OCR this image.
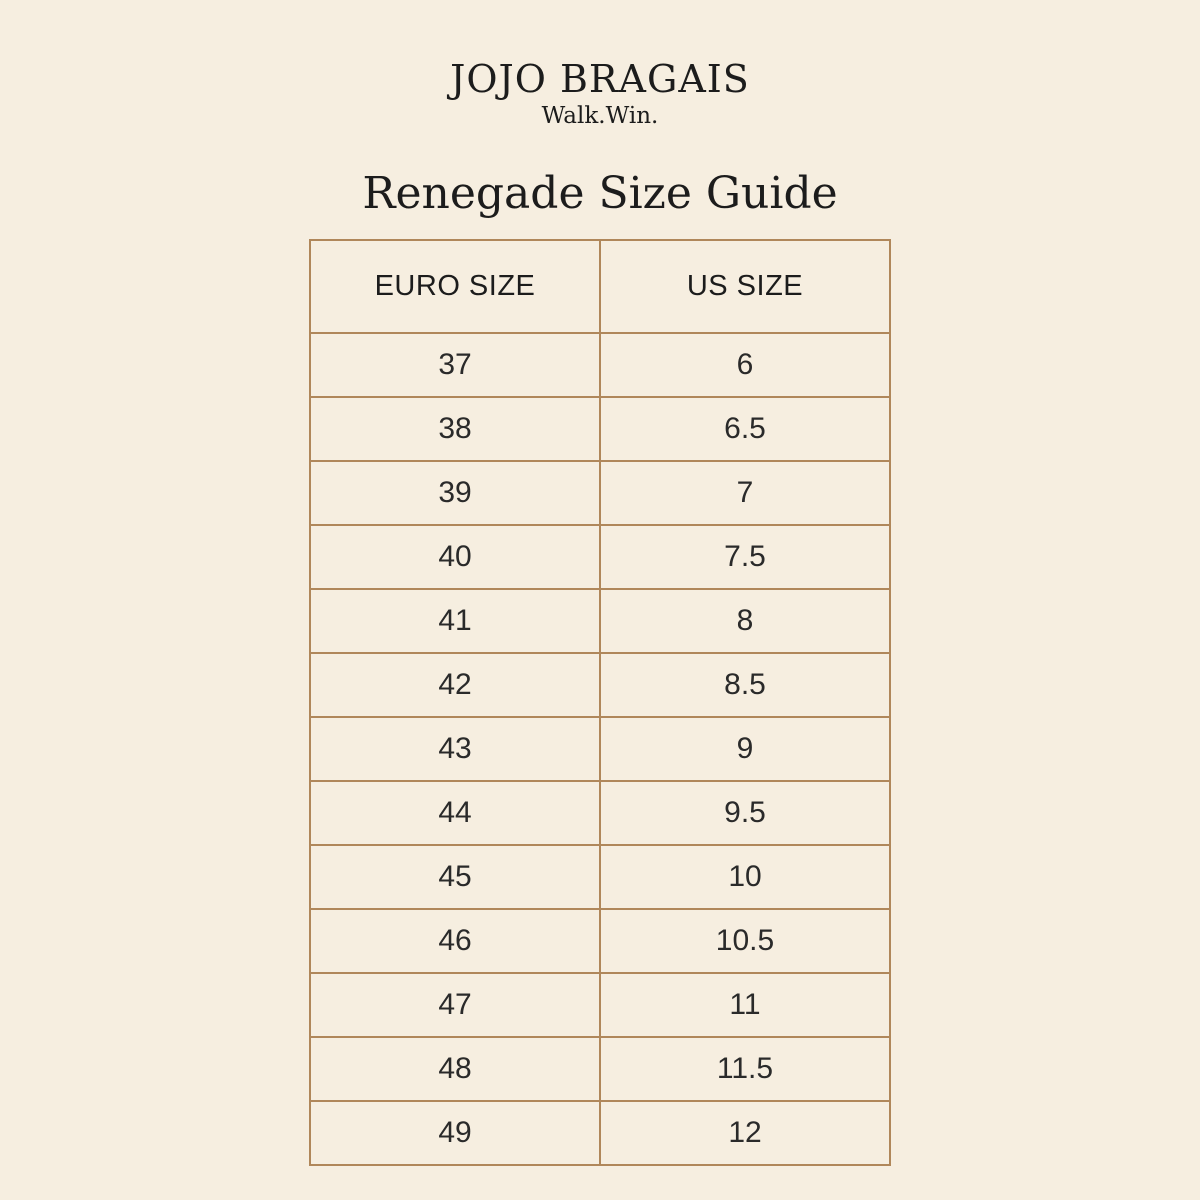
JOJO BRAGAIS
Walk.Win.
Renegade Size Guide
EURO SIZE	US SIZE
37	6
38	6.5
39	7
40	7.5
41	8
42	8.5
43	9
44	9.5
45	10
46	10.5
47	11
48	11.5
49	12
